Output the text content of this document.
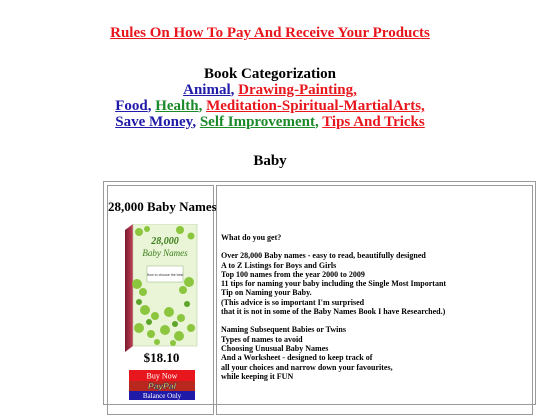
Rules On How To Pay And Receive Your Products
Book Categorization
Animal, Drawing-Painting,
Food, Health, Meditation-Spiritual-MartialArts,
Save Money, Self Improvement, Tips And Tricks
Baby
28,000 Baby Names
28,000
Baby Names
How to choose the best
$18.10
Buy Now
PayPal
Balance Only
What do you get?
Over 28,000 Baby names - easy to read, beautifully designed
A to Z Listings for Boys and Girls
Top 100 names from the year 2000 to 2009
11 tips for naming your baby including the Single Most Important
Tip on Naming your Baby.
(This advice is so important I'm surprised
that it is not in some of the Baby Names Book I have Researched.)
Naming Subsequent Babies or Twins
Types of names to avoid
Choosing Unusual Baby Names
And a Worksheet - designed to keep track of
all your choices and narrow down your favourites,
while keeping it FUN
